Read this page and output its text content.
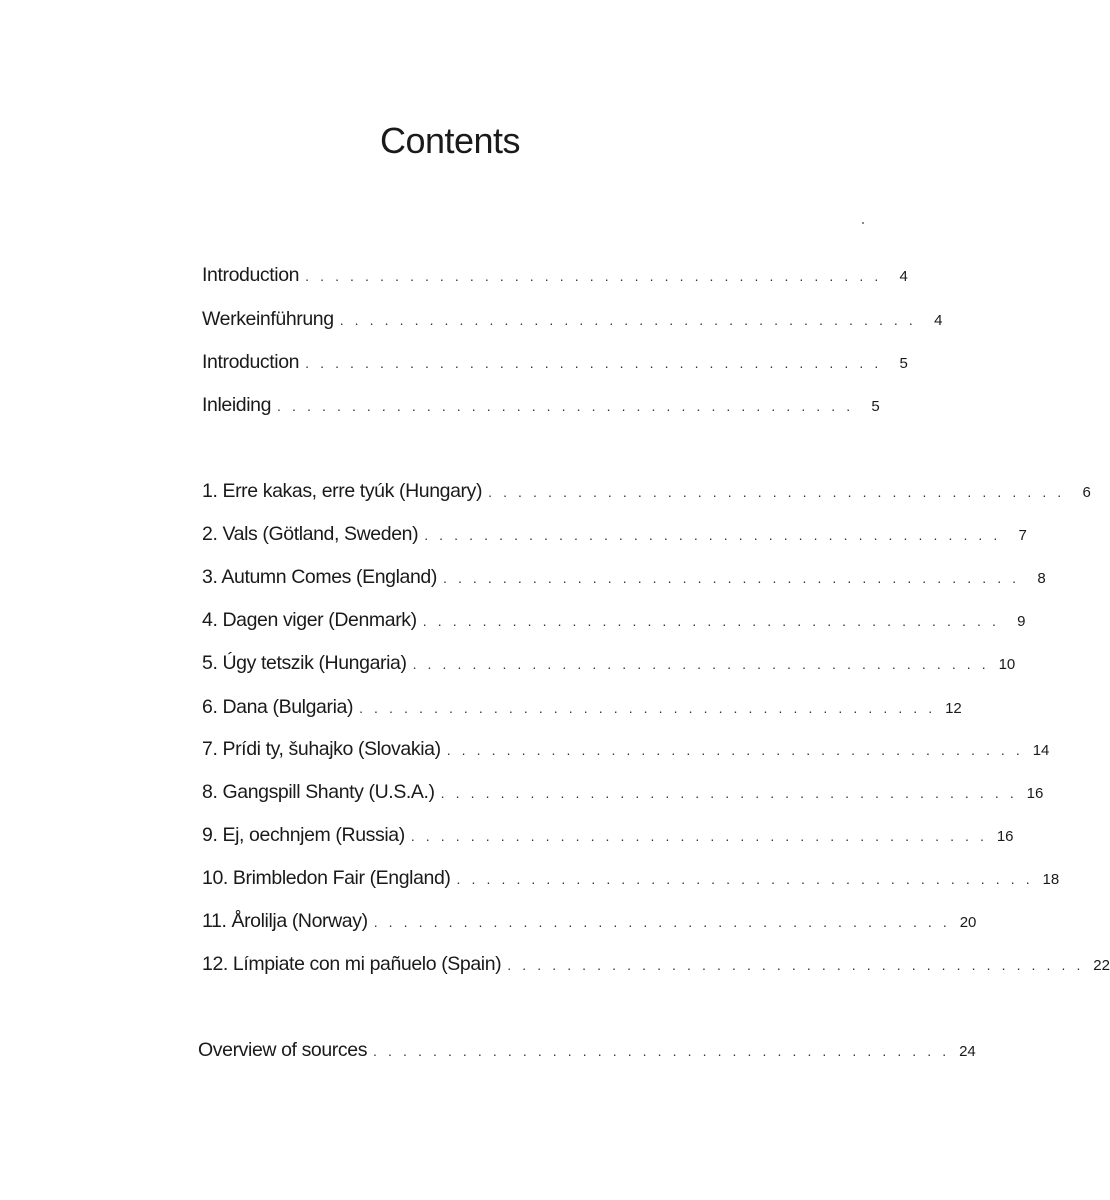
Contents
Introduction . . . . . . . . . . . . . . . . . . . . . . . . . . . . . . . . . . . . . . .	4
Werkeinführung . . . . . . . . . . . . . . . . . . . . . . . . . . . . . . . . . . . . . . .	4
Introduction . . . . . . . . . . . . . . . . . . . . . . . . . . . . . . . . . . . . . . .	5
Inleiding . . . . . . . . . . . . . . . . . . . . . . . . . . . . . . . . . . . . . . .	5
1. Erre kakas, erre tyúk (Hungary) . . . . . . . . . . . . . . . . . . . . . . . . . . . . . . . . . . . . . . .	6
2. Vals (Götland, Sweden) . . . . . . . . . . . . . . . . . . . . . . . . . . . . . . . . . . . . . . .	7
3. Autumn Comes (England) . . . . . . . . . . . . . . . . . . . . . . . . . . . . . . . . . . . . . . .	8
4. Dagen viger (Denmark) . . . . . . . . . . . . . . . . . . . . . . . . . . . . . . . . . . . . . . .	9
5. Úgy tetszik (Hungaria) . . . . . . . . . . . . . . . . . . . . . . . . . . . . . . . . . . . . . . . 10
6. Dana (Bulgaria) . . . . . . . . . . . . . . . . . . . . . . . . . . . . . . . . . . . . . . . 12
7. Prídi ty, šuhajko (Slovakia) . . . . . . . . . . . . . . . . . . . . . . . . . . . . . . . . . . . . . . . 14
8. Gangspill Shanty (U.S.A.) . . . . . . . . . . . . . . . . . . . . . . . . . . . . . . . . . . . . . . . 16
9. Ej, oechnjem (Russia) . . . . . . . . . . . . . . . . . . . . . . . . . . . . . . . . . . . . . . . 16
10. Brimbledon Fair (England) . . . . . . . . . . . . . . . . . . . . . . . . . . . . . . . . . . . . . . . 18
11. Årolilja (Norway) . . . . . . . . . . . . . . . . . . . . . . . . . . . . . . . . . . . . . . . 20
12. Límpiate con mi pañuelo (Spain) . . . . . . . . . . . . . . . . . . . . . . . . . . . . . . . . . . . . . . . 22
Overview of sources . . . . . . . . . . . . . . . . . . . . . . . . . . . . . . . . . . . . . . . 24
